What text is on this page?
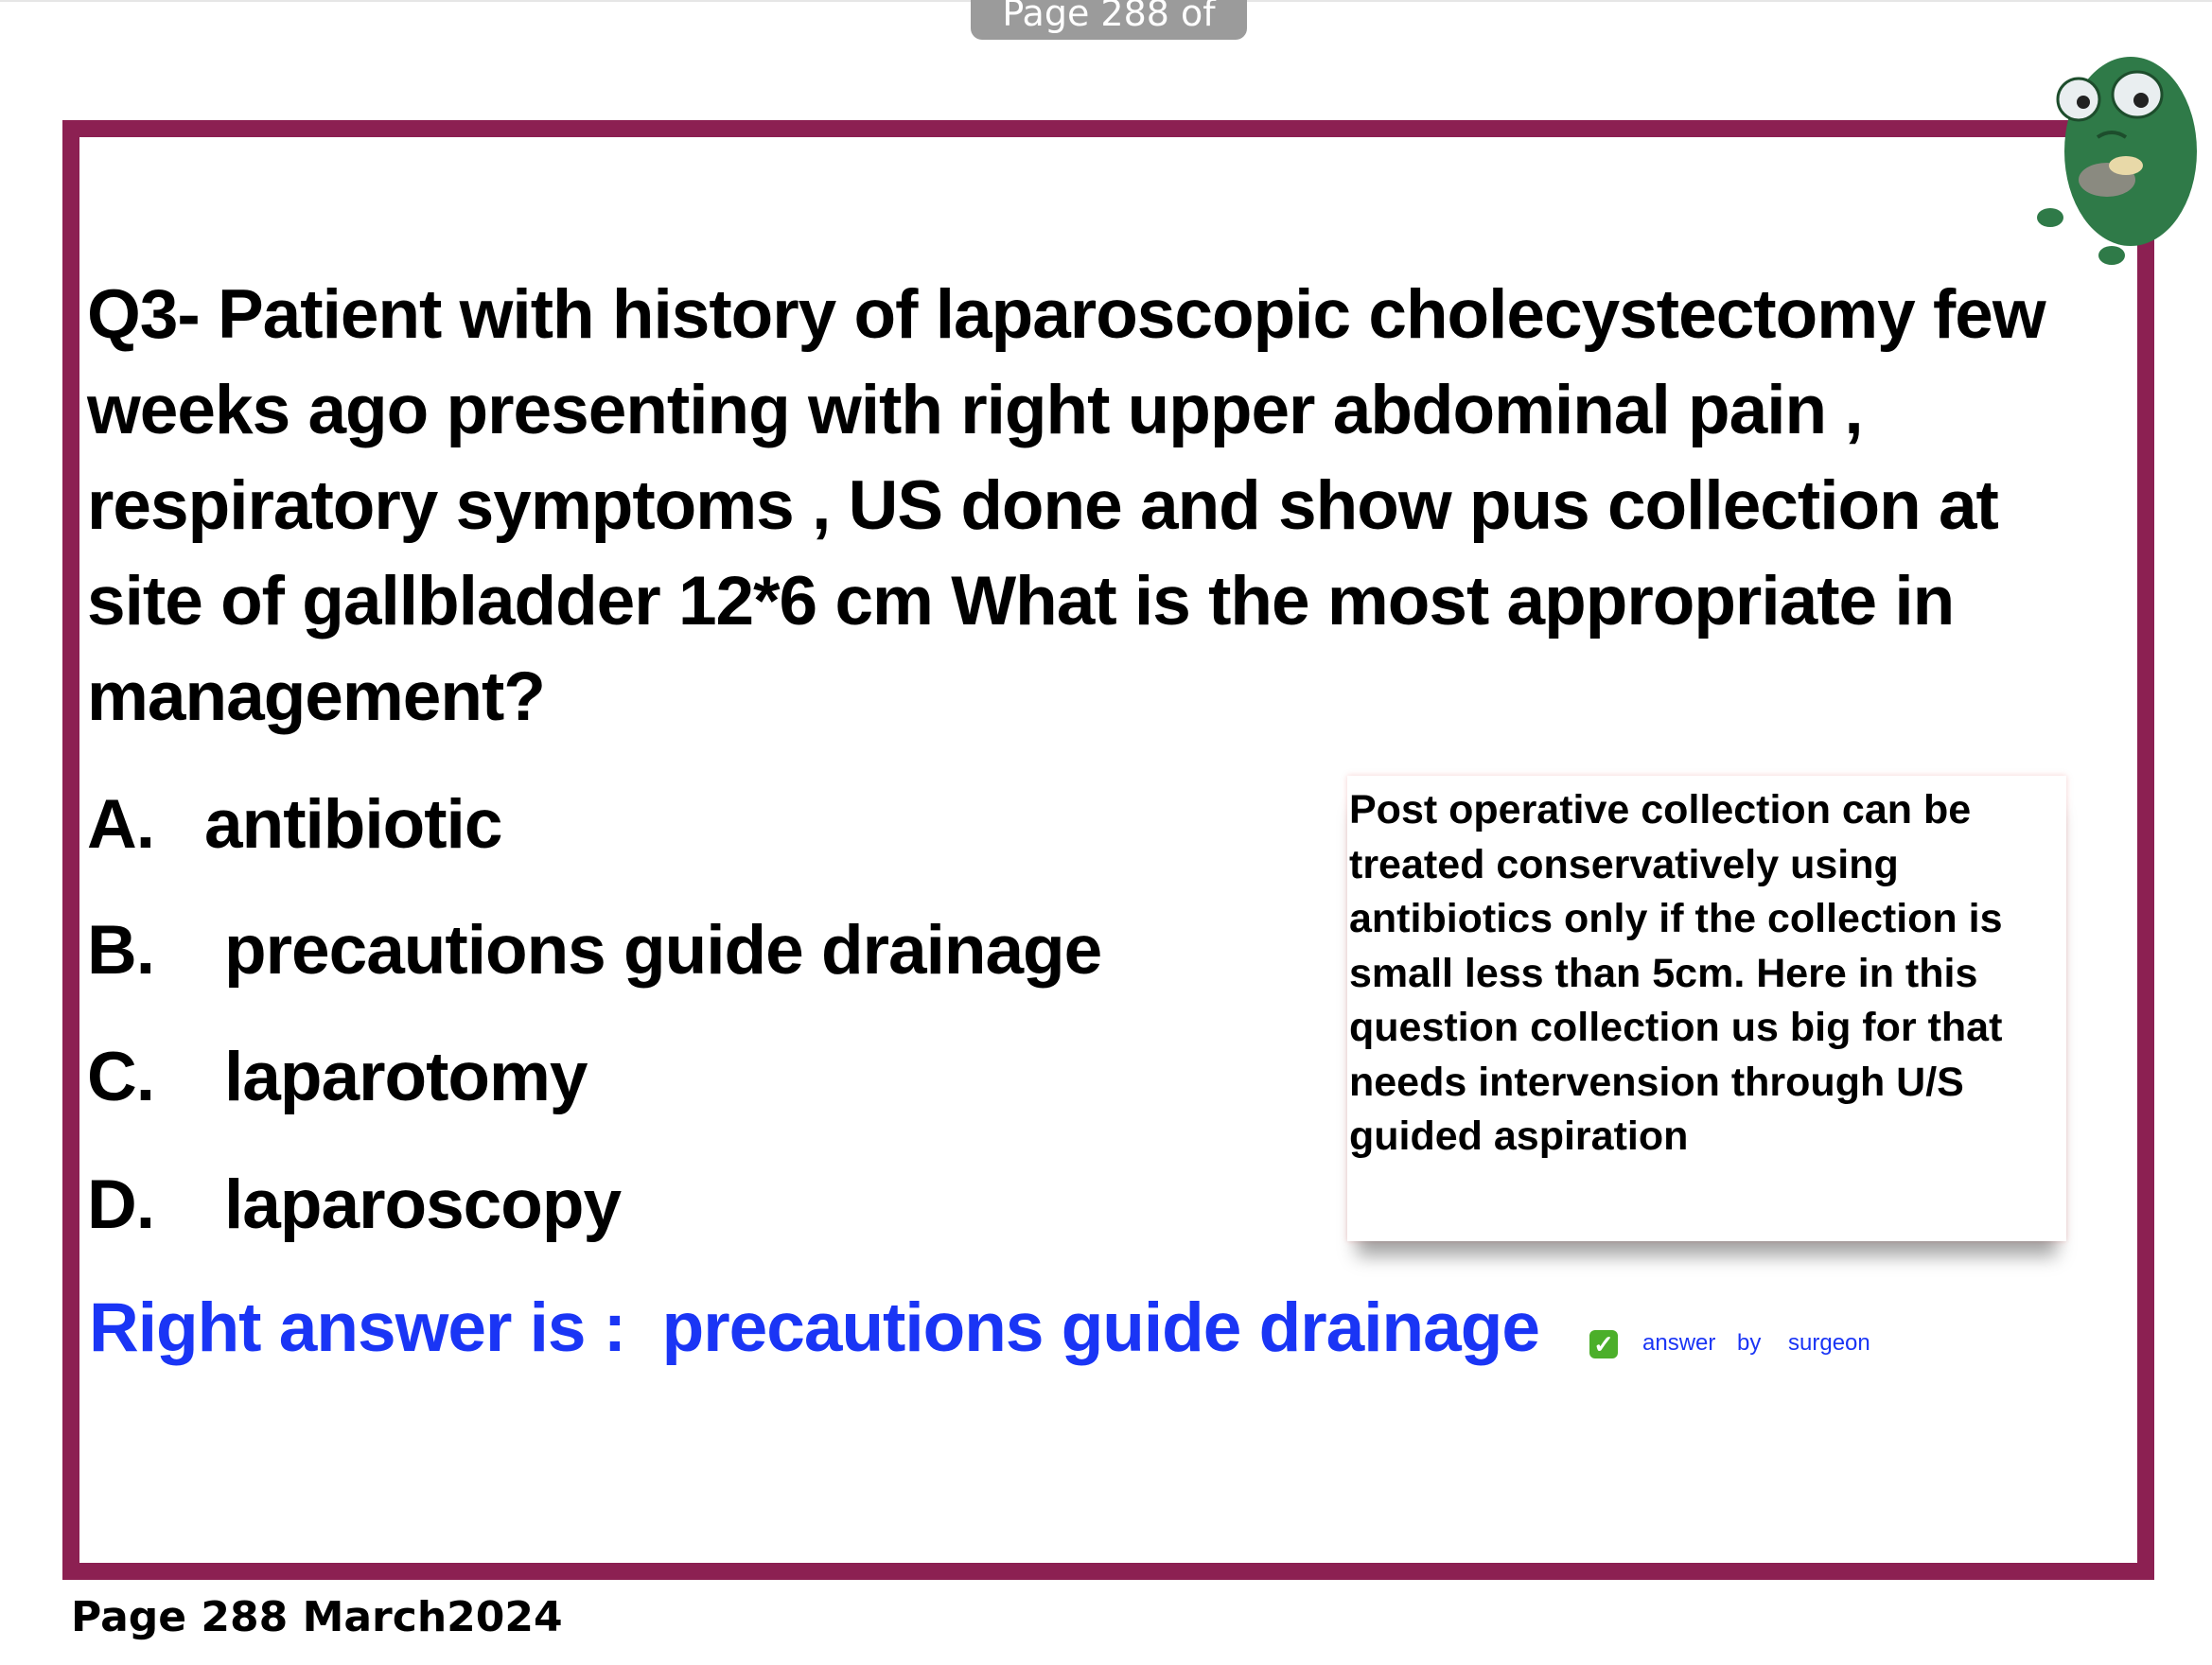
Page 288 of 842
Q3- Patient with history of laparoscopic cholecystectomy few weeks ago presenting with right upper abdominal pain , respiratory symptoms , US done and show pus collection at site of gallbladder 12*6 cm What is the most appropriate in management?
A. antibiotic
B.	precautions guide drainage
C.	laparotomy
D.	laparoscopy

Post operative collection can be treated conservatively using antibiotics only if the collection is small less than 5cm. Here in this question collection us big for that needs intervension through U/S guided aspiration

Right answer is :  precautions guide drainage ✓ answer by surgeon
Page 288 March2024
